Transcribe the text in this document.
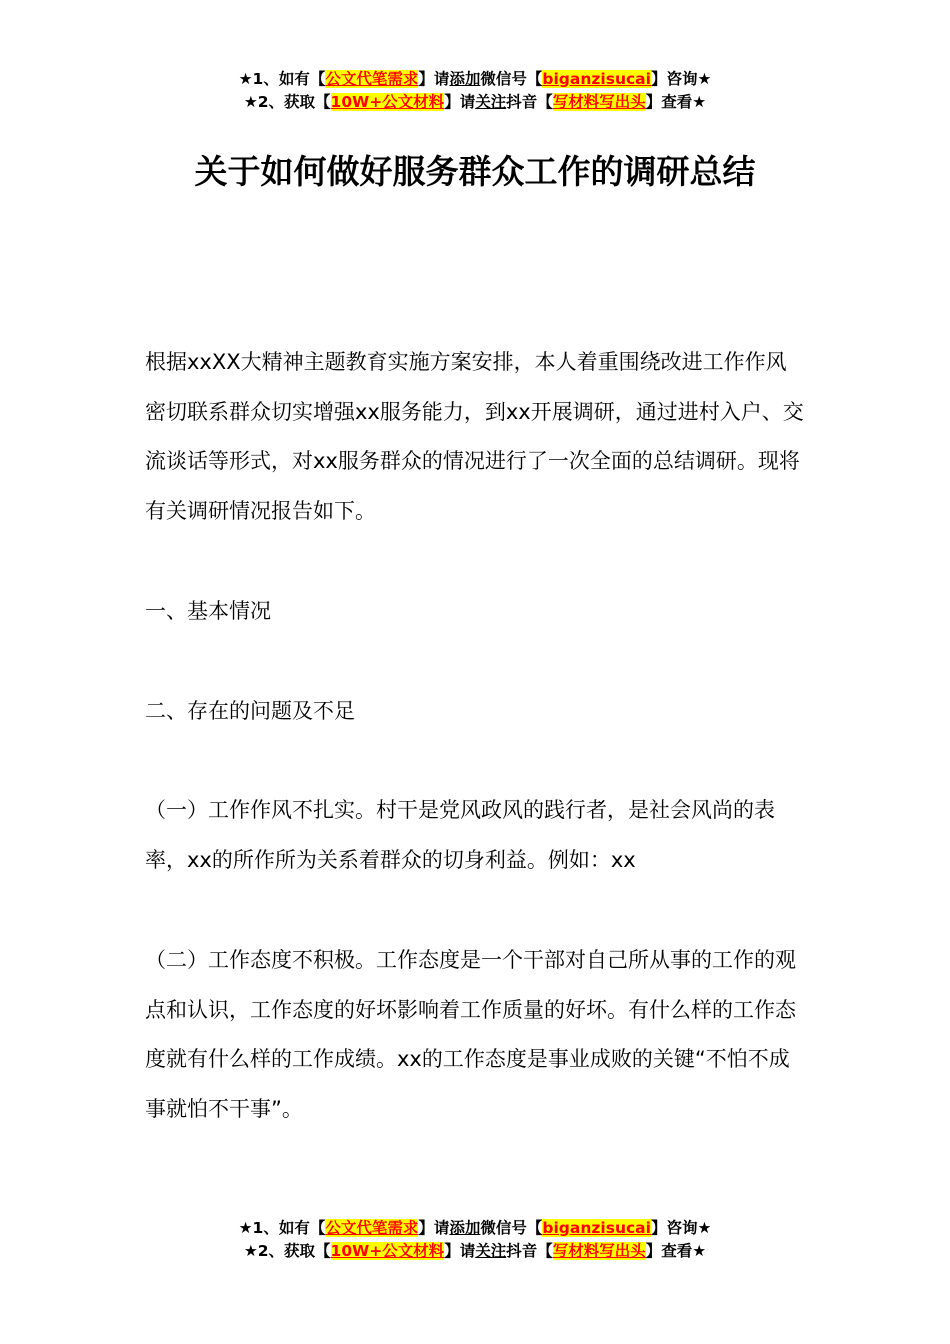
★1、如有【公文代笔需求】请添加微信号【biganzisucai】咨询★
★2、获取【10W+公文材料】请关注抖音【写材料写出头】查看★
关于如何做好服务群众工作的调研总结

根据xxXX大精神主题教育实施方案安排，本人着重围绕改进工作作风密切联系群众切实增强xx服务能力，到xx开展调研，通过进村入户、交流谈话等形式，对xx服务群众的情况进行了一次全面的总结调研。现将有关调研情况报告如下。

一、基本情况

二、存在的问题及不足

（一）工作作风不扎实。村干是党风政风的践行者，是社会风尚的表率，xx的所作所为关系着群众的切身利益。例如：xx

（二）工作态度不积极。工作态度是一个干部对自己所从事的工作的观点和认识，工作态度的好坏影响着工作质量的好坏。有什么样的工作态度就有什么样的工作成绩。xx的工作态度是事业成败的关键“不怕不成事就怕不干事”。

★1、如有【公文代笔需求】请添加微信号【biganzisucai】咨询★
★2、获取【10W+公文材料】请关注抖音【写材料写出头】查看★
